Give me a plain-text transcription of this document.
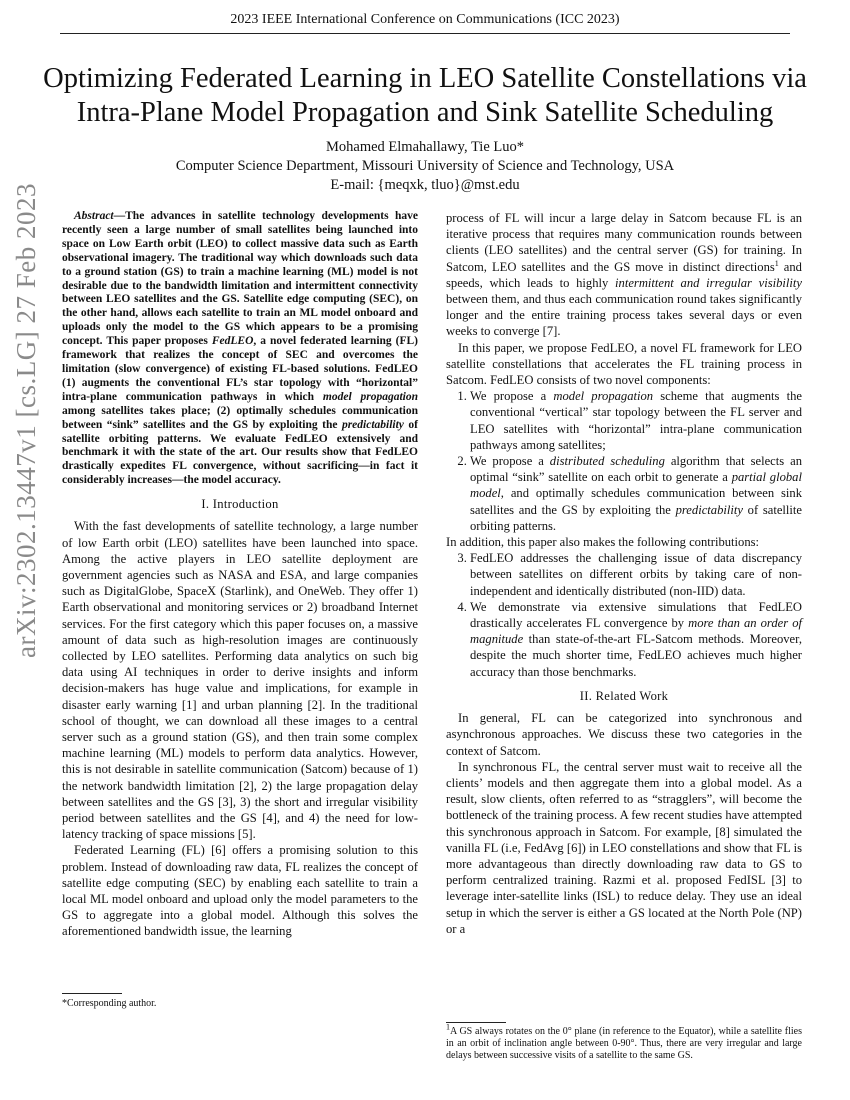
2023 IEEE International Conference on Communications (ICC 2023)
Optimizing Federated Learning in LEO Satellite Constellations via Intra-Plane Model Propagation and Sink Satellite Scheduling
Mohamed Elmahallawy, Tie Luo*
Computer Science Department, Missouri University of Science and Technology, USA
E-mail: {meqxk, tluo}@mst.edu
arXiv:2302.13447v1 [cs.LG] 27 Feb 2023	Abstract—The advances in satellite technology developments have recently seen a large number of small satellites being launched into space on Low Earth orbit (LEO) to collect massive data such as Earth observational imagery. The traditional way which downloads such data to a ground station (GS) to train a machine learning (ML) model is not desirable due to the bandwidth limitation and intermittent connectivity between LEO satellites and the GS. Satellite edge computing (SEC), on the other hand, allows each satellite to train an ML model onboard and uploads only the model to the GS which appears to be a promising concept. This paper proposes FedLEO, a novel federated learning (FL) framework that realizes the concept of SEC and overcomes the limitation (slow convergence) of existing FL-based solutions. FedLEO (1) augments the conventional FL’s star topology with “horizontal” intra-plane communication pathways in which model propagation among satellites takes place; (2) optimally schedules communication between “sink” satellites and the GS by exploiting the predictability of satellite orbiting patterns. We evaluate FedLEO extensively and benchmark it with the state of the art. Our results show that FedLEO drastically expedites FL convergence, without sacrificing—in fact it considerably increases—the model accuracy.

I. Introduction

With the fast developments of satellite technology, a large number of low Earth orbit (LEO) satellites have been launched into space. Among the active players in LEO satellite deployment are government agencies such as NASA and ESA, and large companies such as DigitalGlobe, SpaceX (Starlink), and OneWeb. They offer 1) Earth observational and monitoring services or 2) broadband Internet services. For the first category which this paper focuses on, a massive amount of data such as high-resolution images are continuously collected by LEO satellites. Performing data analytics on such big data using AI techniques in order to derive insights and inform decision-makers has huge value and implications, for example in disaster early warning [1] and urban planning [2]. In the traditional school of thought, we can download all these images to a central server such as a ground station (GS), and then train some complex machine learning (ML) models to perform data analytics. However, this is not desirable in satellite communication (Satcom) because of 1) the network bandwidth limitation [2], 2) the large propagation delay between satellites and the GS [3], 3) the short and irregular visibility period between satellites and the GS [4], and 4) the need for low-latency tracking of space missions [5].

Federated Learning (FL) [6] offers a promising solution to this problem. Instead of downloading raw data, FL realizes the concept of satellite edge computing (SEC) by enabling each satellite to train a local ML model onboard and upload only the model parameters to the GS to aggregate into a global model. Although this solves the aforementioned bandwidth issue, the learning

*Corresponding author.

process of FL will incur a large delay in Satcom because FL is an iterative process that requires many communication rounds between clients (LEO satellites) and the central server (GS) for training. In Satcom, LEO satellites and the GS move in distinct directions$^1$ and speeds, which leads to highly intermittent and irregular visibility between them, and thus each communication round takes significantly longer and the entire training process takes several days or even weeks to converge [7].

In this paper, we propose FedLEO, a novel FL framework for LEO satellite constellations that accelerates the FL training process in Satcom. FedLEO consists of two novel components:

1. We propose a model propagation scheme that augments the conventional “vertical” star topology between the FL server and LEO satellites with “horizontal” intra-plane communication pathways among satellites;
2. We propose a distributed scheduling algorithm that selects an optimal “sink” satellite on each orbit to generate a partial global model, and optimally schedules communication between sink satellites and the GS by exploiting the predictability of satellite orbiting patterns.

In addition, this paper also makes the following contributions:

3. FedLEO addresses the challenging issue of data discrepancy between satellites on different orbits by taking care of non-independent and identically distributed (non-IID) data.
4. We demonstrate via extensive simulations that FedLEO drastically accelerates FL convergence by more than an order of magnitude than state-of-the-art FL-Satcom methods. Moreover, despite the much shorter time, FedLEO achieves much higher accuracy than those benchmarks.
II. Related Work

In general, FL can be categorized into synchronous and asynchronous approaches. We discuss these two categories in the context of Satcom.

In synchronous FL, the central server must wait to receive all the clients’ models and then aggregate them into a global model. As a result, slow clients, often referred to as “stragglers”, will become the bottleneck of the training process. A few recent studies have attempted this synchronous approach in Satcom. For example, [8] simulated the vanilla FL (i.e, FedAvg [6]) in LEO constellations and show that FL is more advantageous than directly downloading raw data to GS to perform centralized training. Razmi et al. proposed FedISL [3] to leverage inter-satellite links (ISL) to reduce delay. They use an ideal setup in which the server is either a GS located at the North Pole (NP) or a

$^1$A GS always rotates on the 0° plane (in reference to the Equator), while a satellite flies in an orbit of inclination angle between 0-90°. Thus, there are very irregular and large delays between successive visits of a satellite to the same GS.
